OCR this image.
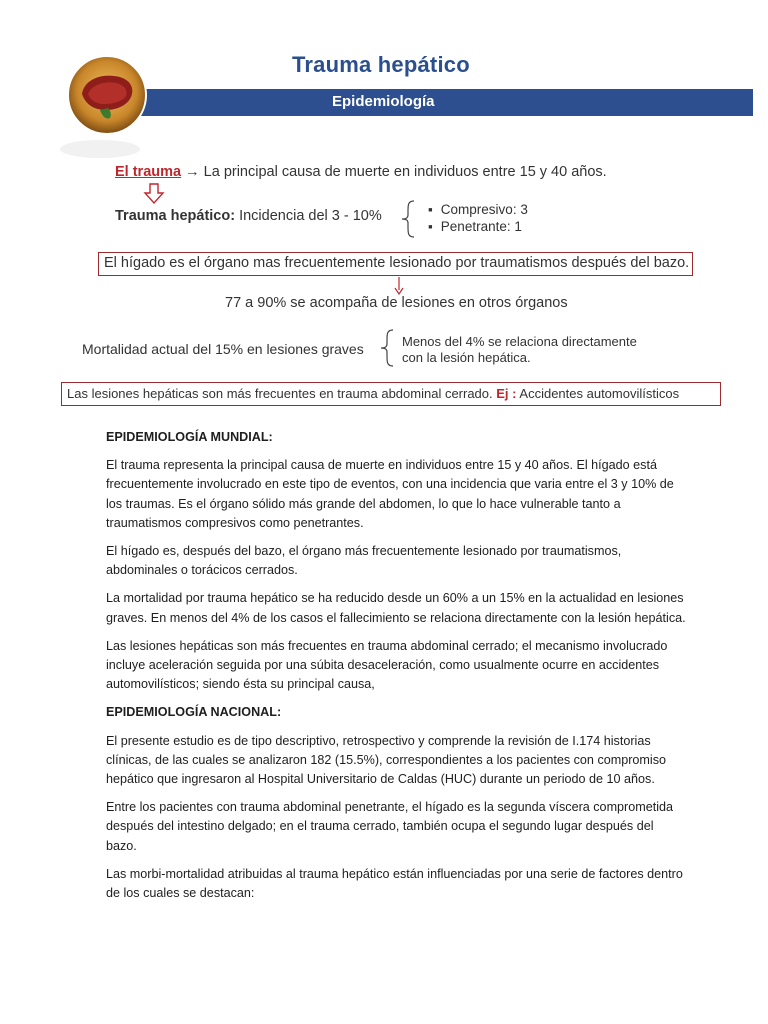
Trauma hepático
Epidemiología
El trauma → La principal causa de muerte en individuos entre 15 y 40 años.
Trauma hepático: Incidencia del 3 - 10%
▪	Compresivo: 3
▪ Penetrante: 1
El hígado es el órgano mas frecuentemente lesionado por traumatismos después del bazo.
77 a 90% se acompaña de lesiones en otros órganos
Mortalidad actual del 15% en lesiones graves	Menos del 4% se relaciona directamente
con la lesión hepática.
Las lesiones hepáticas son más frecuentes en trauma abdominal cerrado. Ej : Accidentes automovilísticos

EPIDEMIOLOGÍA MUNDIAL:

El trauma representa la principal causa de muerte en individuos entre 15 y 40 años. El hígado está frecuentemente involucrado en este tipo de eventos, con una incidencia que varia entre el 3 y 10% de los traumas. Es el órgano sólido más grande del abdomen, lo que lo hace vulnerable tanto a traumatismos compresivos como penetrantes.

El hígado es, después del bazo, el órgano más frecuentemente lesionado por traumatismos, abdominales o torácicos cerrados.

La mortalidad por trauma hepático se ha reducido desde un 60% a un 15% en la actualidad en lesiones graves. En menos del 4% de los casos el fallecimiento se relaciona directamente con la lesión hepática.

Las lesiones hepáticas son más frecuentes en trauma abdominal cerrado; el mecanismo involucrado incluye aceleración seguida por una súbita desaceleración, como usualmente ocurre en accidentes automovilísticos; siendo ésta su principal causa,

EPIDEMIOLOGÍA NACIONAL:

El presente estudio es de tipo descriptivo, retrospectivo y comprende la revisión de I.174 historias clínicas, de las cuales se analizaron 182 (15.5%), correspondientes a los pacientes con compromiso hepático que ingresaron al Hospital Universitario de Caldas (HUC) durante un periodo de 10 años.

Entre los pacientes con trauma abdominal penetrante, el hígado es la segunda víscera comprometida después del intestino delgado; en el trauma cerrado, también ocupa el segundo lugar después del bazo.

Las morbi-mortalidad atribuidas al trauma hepático están influenciadas por una serie de factores dentro de los cuales se destacan:
